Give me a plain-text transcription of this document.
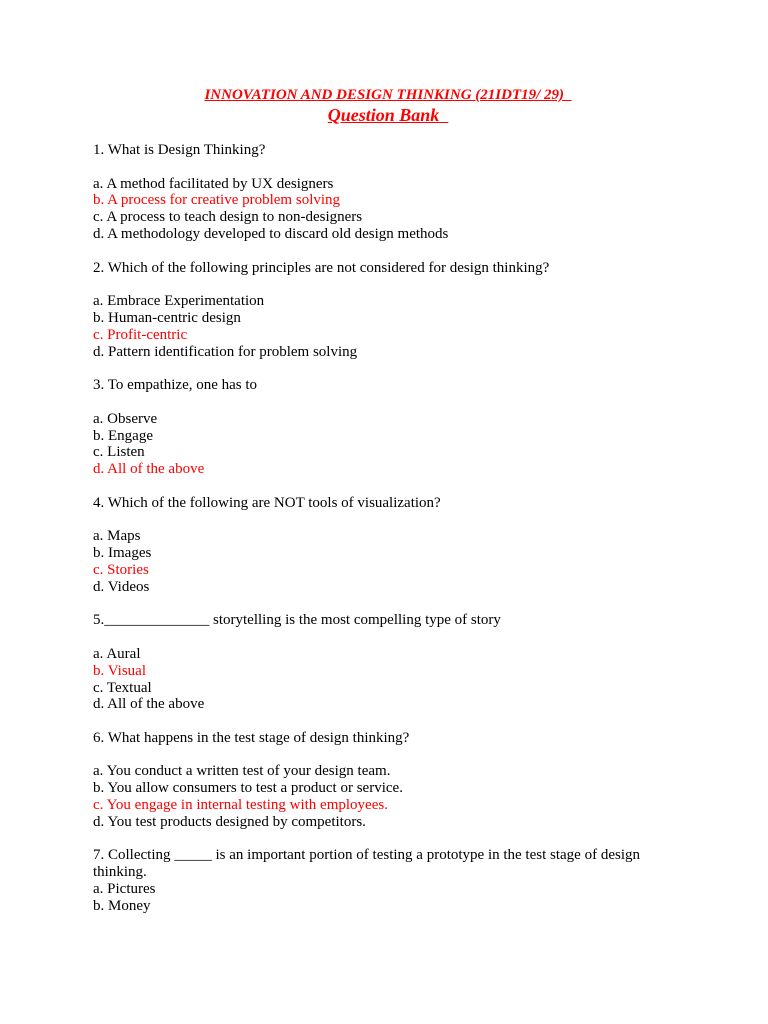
INNOVATION AND DESIGN THINKING (21IDT19/ 29)
Question Bank
1. What is Design Thinking?
a. A method facilitated by UX designers
b. A process for creative problem solving
c. A process to teach design to non-designers
d. A methodology developed to discard old design methods
2. Which of the following principles are not considered for design thinking?
a. Embrace Experimentation
b. Human-centric design
c. Profit-centric
d. Pattern identification for problem solving
3. To empathize, one has to
a. Observe
b. Engage
c. Listen
d. All of the above
4. Which of the following are NOT tools of visualization?
a. Maps
b. Images
c. Stories
d. Videos
5.______________ storytelling is the most compelling type of story
a. Aural
b. Visual
c. Textual
d. All of the above
6. What happens in the test stage of design thinking?
a. You conduct a written test of your design team.
b. You allow consumers to test a product or service.
c. You engage in internal testing with employees.
d. You test products designed by competitors.
7. Collecting _____ is an important portion of testing a prototype in the test stage of design thinking.
a. Pictures
b. Money
